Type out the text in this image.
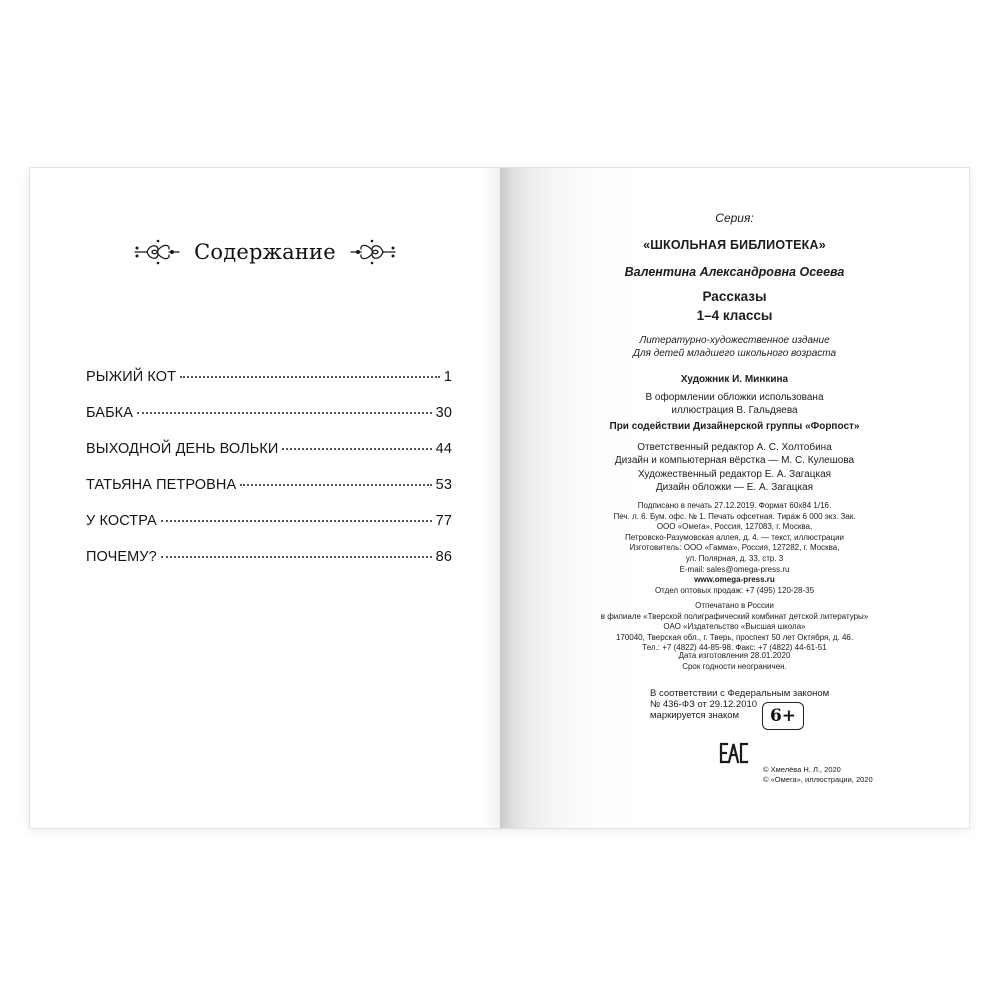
Содержание
РЫЖИЙ КОТ	1
БАБКА	30
ВЫХОДНОЙ ДЕНЬ ВОЛЬКИ	44
ТАТЬЯНА ПЕТРОВНА	53
У КОСТРА	77
ПОЧЕМУ?	86
Серия:
«ШКОЛЬНАЯ БИБЛИОТЕКА»
Валентина Александровна Осеева
Рассказы
1–4 классы
Литературно-художественное издание
Для детей младшего школьного возраста
Художник И. Минкина
В оформлении обложки использована
иллюстрация В. Гальдяева
При содействии Дизайнерской группы «Форпост»
Ответственный редактор А. С. Холтобина
Дизайн и компьютерная вёрстка — М. С. Кулешова
Художественный редактор Е. А. Загацкая
Дизайн обложки — Е. А. Загацкая
Подписано в печать 27.12.2019. Формат 60x84 1/16.
Печ. л. 6. Бум. офс. № 1. Печать офсетная. Тираж 6 000 экз. Зак.
ООО «Омега», Россия, 127083, г. Москва,
Петровско-Разумовская аллея, д. 4. — текст, иллюстрации
Изготовитель: ООО «Гамма», Россия, 127282, г. Москва,
ул. Полярная, д. 33, стр. 3
E-mail: sales@omega-press.ru
www.omega-press.ru
Отдел оптовых продаж: +7 (495) 120-28-35
Отпечатано в России
в филиале «Тверской полиграфический комбинат детской литературы»
ОАО «Издательство «Высшая школа»
170040, Тверская обл., г. Тверь, проспект 50 лет Октября, д. 46.
Тел.: +7 (4822) 44-85-98. Факс: +7 (4822) 44-61-51
Дата изготовления 28.01.2020
Срок годности неограничен.
В соответствии с Федеральным законом
№ 436-ФЗ от 29.12.2010
маркируется знаком	6+
© Хмелёва Н. Л., 2020
© «Омега», иллюстрации, 2020
